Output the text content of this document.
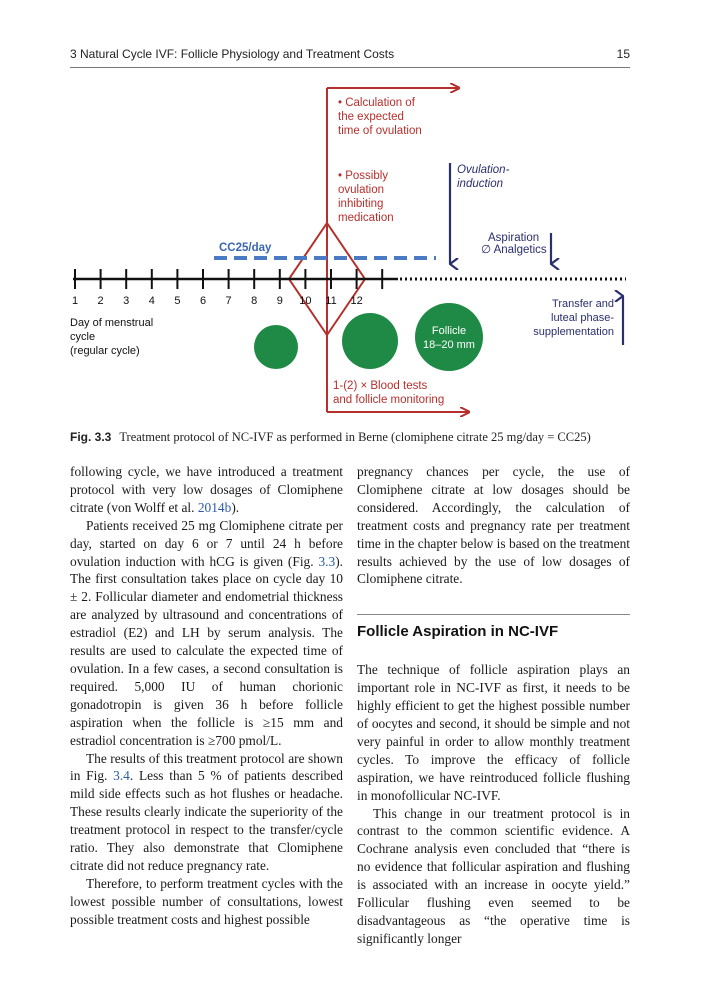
3 Natural Cycle IVF: Follicle Physiology and Treatment Costs	15
• Calculation of
the expected
time of ovulation
• Possibly
ovulation
inhibiting
medication
Ovulation-
induction
Aspiration
∅ Analgetics
CC25/day
1 2 3 4 5 6 7 8 9 10 11 12
Day of menstrual
cycle
(regular cycle)
Follicle
18–20 mm
Transfer and
luteal phase-
supplementation
1-(2) × Blood tests
and follicle monitoring
Fig. 3.3 Treatment protocol of NC-IVF as performed in Berne (clomiphene citrate 25 mg/day = CC25)

following cycle, we have introduced a treatment protocol with very low dosages of Clomiphene citrate (von Wolff et al. 2014b).

Patients received 25 mg Clomiphene citrate per day, started on day 6 or 7 until 24 h before ovulation induction with hCG is given (Fig. 3.3). The first consultation takes place on cycle day 10 ± 2. Follicular diameter and endometrial thickness are analyzed by ultrasound and concentrations of estradiol (E2) and LH by serum analysis. The results are used to calculate the expected time of ovulation. In a few cases, a second consultation is required. 5,000 IU of human chorionic gonadotropin is given 36 h before follicle aspiration when the follicle is ≥15 mm and estradiol concentration is ≥700 pmol/L.

The results of this treatment protocol are shown in Fig. 3.4. Less than 5 % of patients described mild side effects such as hot flushes or headache. These results clearly indicate the superiority of the treatment protocol in respect to the transfer/cycle ratio. They also demonstrate that Clomiphene citrate did not reduce pregnancy rate.

Therefore, to perform treatment cycles with the lowest possible number of consultations, lowest possible treatment costs and highest possible

pregnancy chances per cycle, the use of Clomiphene citrate at low dosages should be considered. Accordingly, the calculation of treatment costs and pregnancy rate per treatment time in the chapter below is based on the treatment results achieved by the use of low dosages of Clomiphene citrate.

Follicle Aspiration in NC-IVF

The technique of follicle aspiration plays an important role in NC-IVF as first, it needs to be highly efficient to get the highest possible number of oocytes and second, it should be simple and not very painful in order to allow monthly treatment cycles. To improve the efficacy of follicle aspiration, we have reintroduced follicle flushing in monofollicular NC-IVF.

This change in our treatment protocol is in contrast to the common scientific evidence. A Cochrane analysis even concluded that “there is no evidence that follicular aspiration and flushing is associated with an increase in oocyte yield.” Follicular flushing even seemed to be disadvantageous as “the operative time is significantly longer
